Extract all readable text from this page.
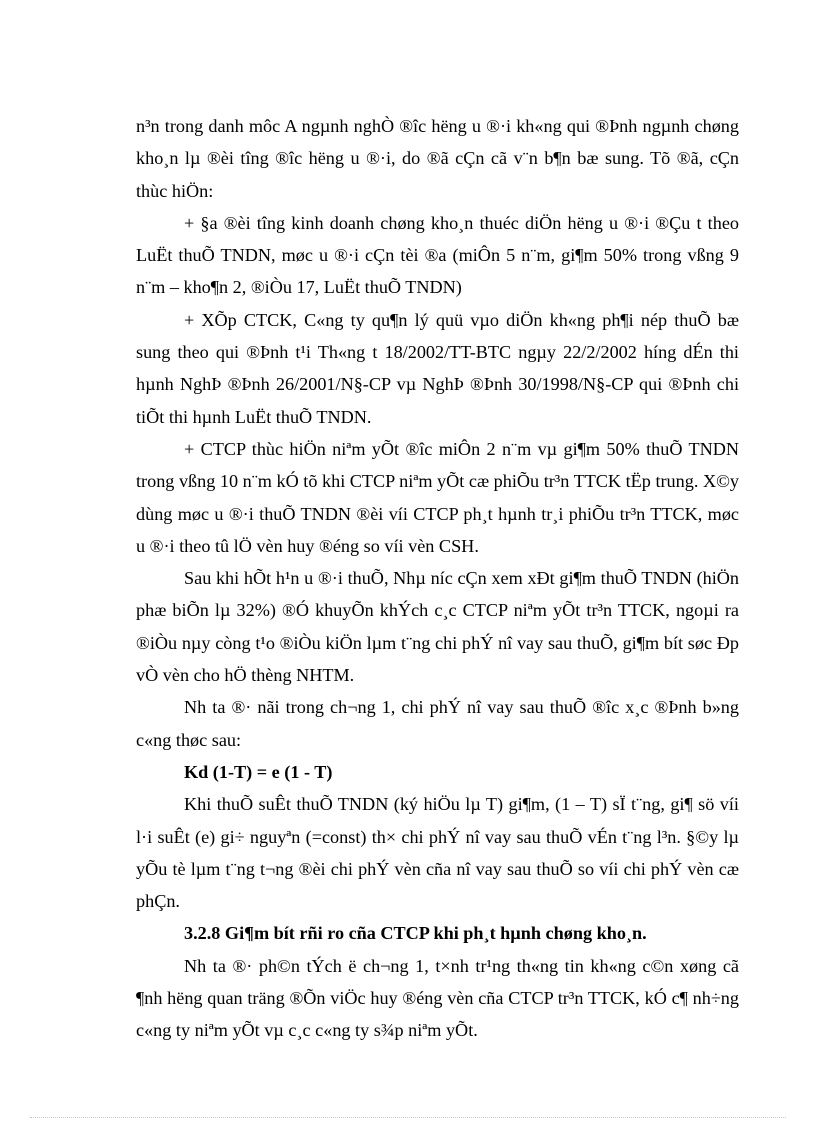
n³n trong danh môc A ngµnh nghÒ ®îc hëng u ®·i kh«ng qui ®Þnh ngµnh chøng kho¸n lµ ®èi tîng ®îc hëng u ®·i, do ®ã cÇn cã v¨n b¶n bæ sung. Tõ ®ã, cÇn thùc hiÖn:

+ §a ®èi tîng kinh doanh chøng kho¸n thuéc diÖn hëng u ®·i ®Çu t theo LuËt thuÕ TNDN, møc u ®·i cÇn tèi ®a (miÔn 5 n¨m, gi¶m 50% trong vßng 9 n¨m – kho¶n 2, ®iÒu 17, LuËt thuÕ TNDN)

+ XÕp CTCK, C«ng ty qu¶n lý quü vµo diÖn kh«ng ph¶i nép thuÕ bæ sung theo qui ®Þnh t¹i Th«ng t 18/2002/TT-BTC ngµy 22/2/2002 híng dÉn thi hµnh NghÞ ®Þnh 26/2001/N§-CP vµ NghÞ ®Þnh 30/1998/N§-CP qui ®Þnh chi tiÕt thi hµnh LuËt thuÕ TNDN.

+ CTCP thùc hiÖn niªm yÕt ®îc miÔn 2 n¨m vµ gi¶m 50% thuÕ TNDN trong vßng 10 n¨m kÓ tõ khi CTCP niªm yÕt cæ phiÕu tr³n TTCK tËp trung. X©y dùng møc u ®·i thuÕ TNDN ®èi víi CTCP ph¸t hµnh tr¸i phiÕu tr³n TTCK, møc u ®·i theo tû lÖ vèn huy ®éng so víi vèn CSH.

Sau khi hÕt h¹n u ®·i thuÕ, Nhµ níc cÇn xem xÐt gi¶m thuÕ TNDN (hiÖn phæ biÕn lµ 32%) ®Ó khuyÕn khÝch c¸c CTCP niªm yÕt tr³n TTCK, ngoµi ra ®iÒu nµy còng t¹o ®iÒu kiÖn lµm t¨ng chi phÝ nî vay sau thuÕ, gi¶m bít søc Ðp vÒ vèn cho hÖ thèng NHTM.

Nh ta ®· nãi trong ch¬ng 1, chi phÝ nî vay sau thuÕ ®îc x¸c ®Þnh b»ng c«ng thøc sau:

Kd (1-T) = e (1 - T)

Khi thuÕ suÊt thuÕ TNDN (ký hiÖu lµ T) gi¶m, (1 – T) sÏ t¨ng, gi¶ sö víi l·i suÊt (e) gi÷ nguyªn (=const) th× chi phÝ nî vay sau thuÕ vÉn t¨ng l³n. §©y lµ yÕu tè lµm t¨ng t¬ng ®èi chi phÝ vèn cña nî vay sau thuÕ so víi chi phÝ vèn cæ phÇn.

3.2.8 Gi¶m bít rñi ro cña CTCP khi ph¸t hµnh chøng kho¸n.

Nh ta ®· ph©n tÝch ë ch¬ng 1, t×nh tr¹ng th«ng tin kh«ng c©n xøng cã ¶nh hëng quan träng ®Õn viÖc huy ®éng vèn cña CTCP tr³n TTCK, kÓ c¶ nh÷ng c«ng ty niªm yÕt vµ c¸c c«ng ty s¾p niªm yÕt.
